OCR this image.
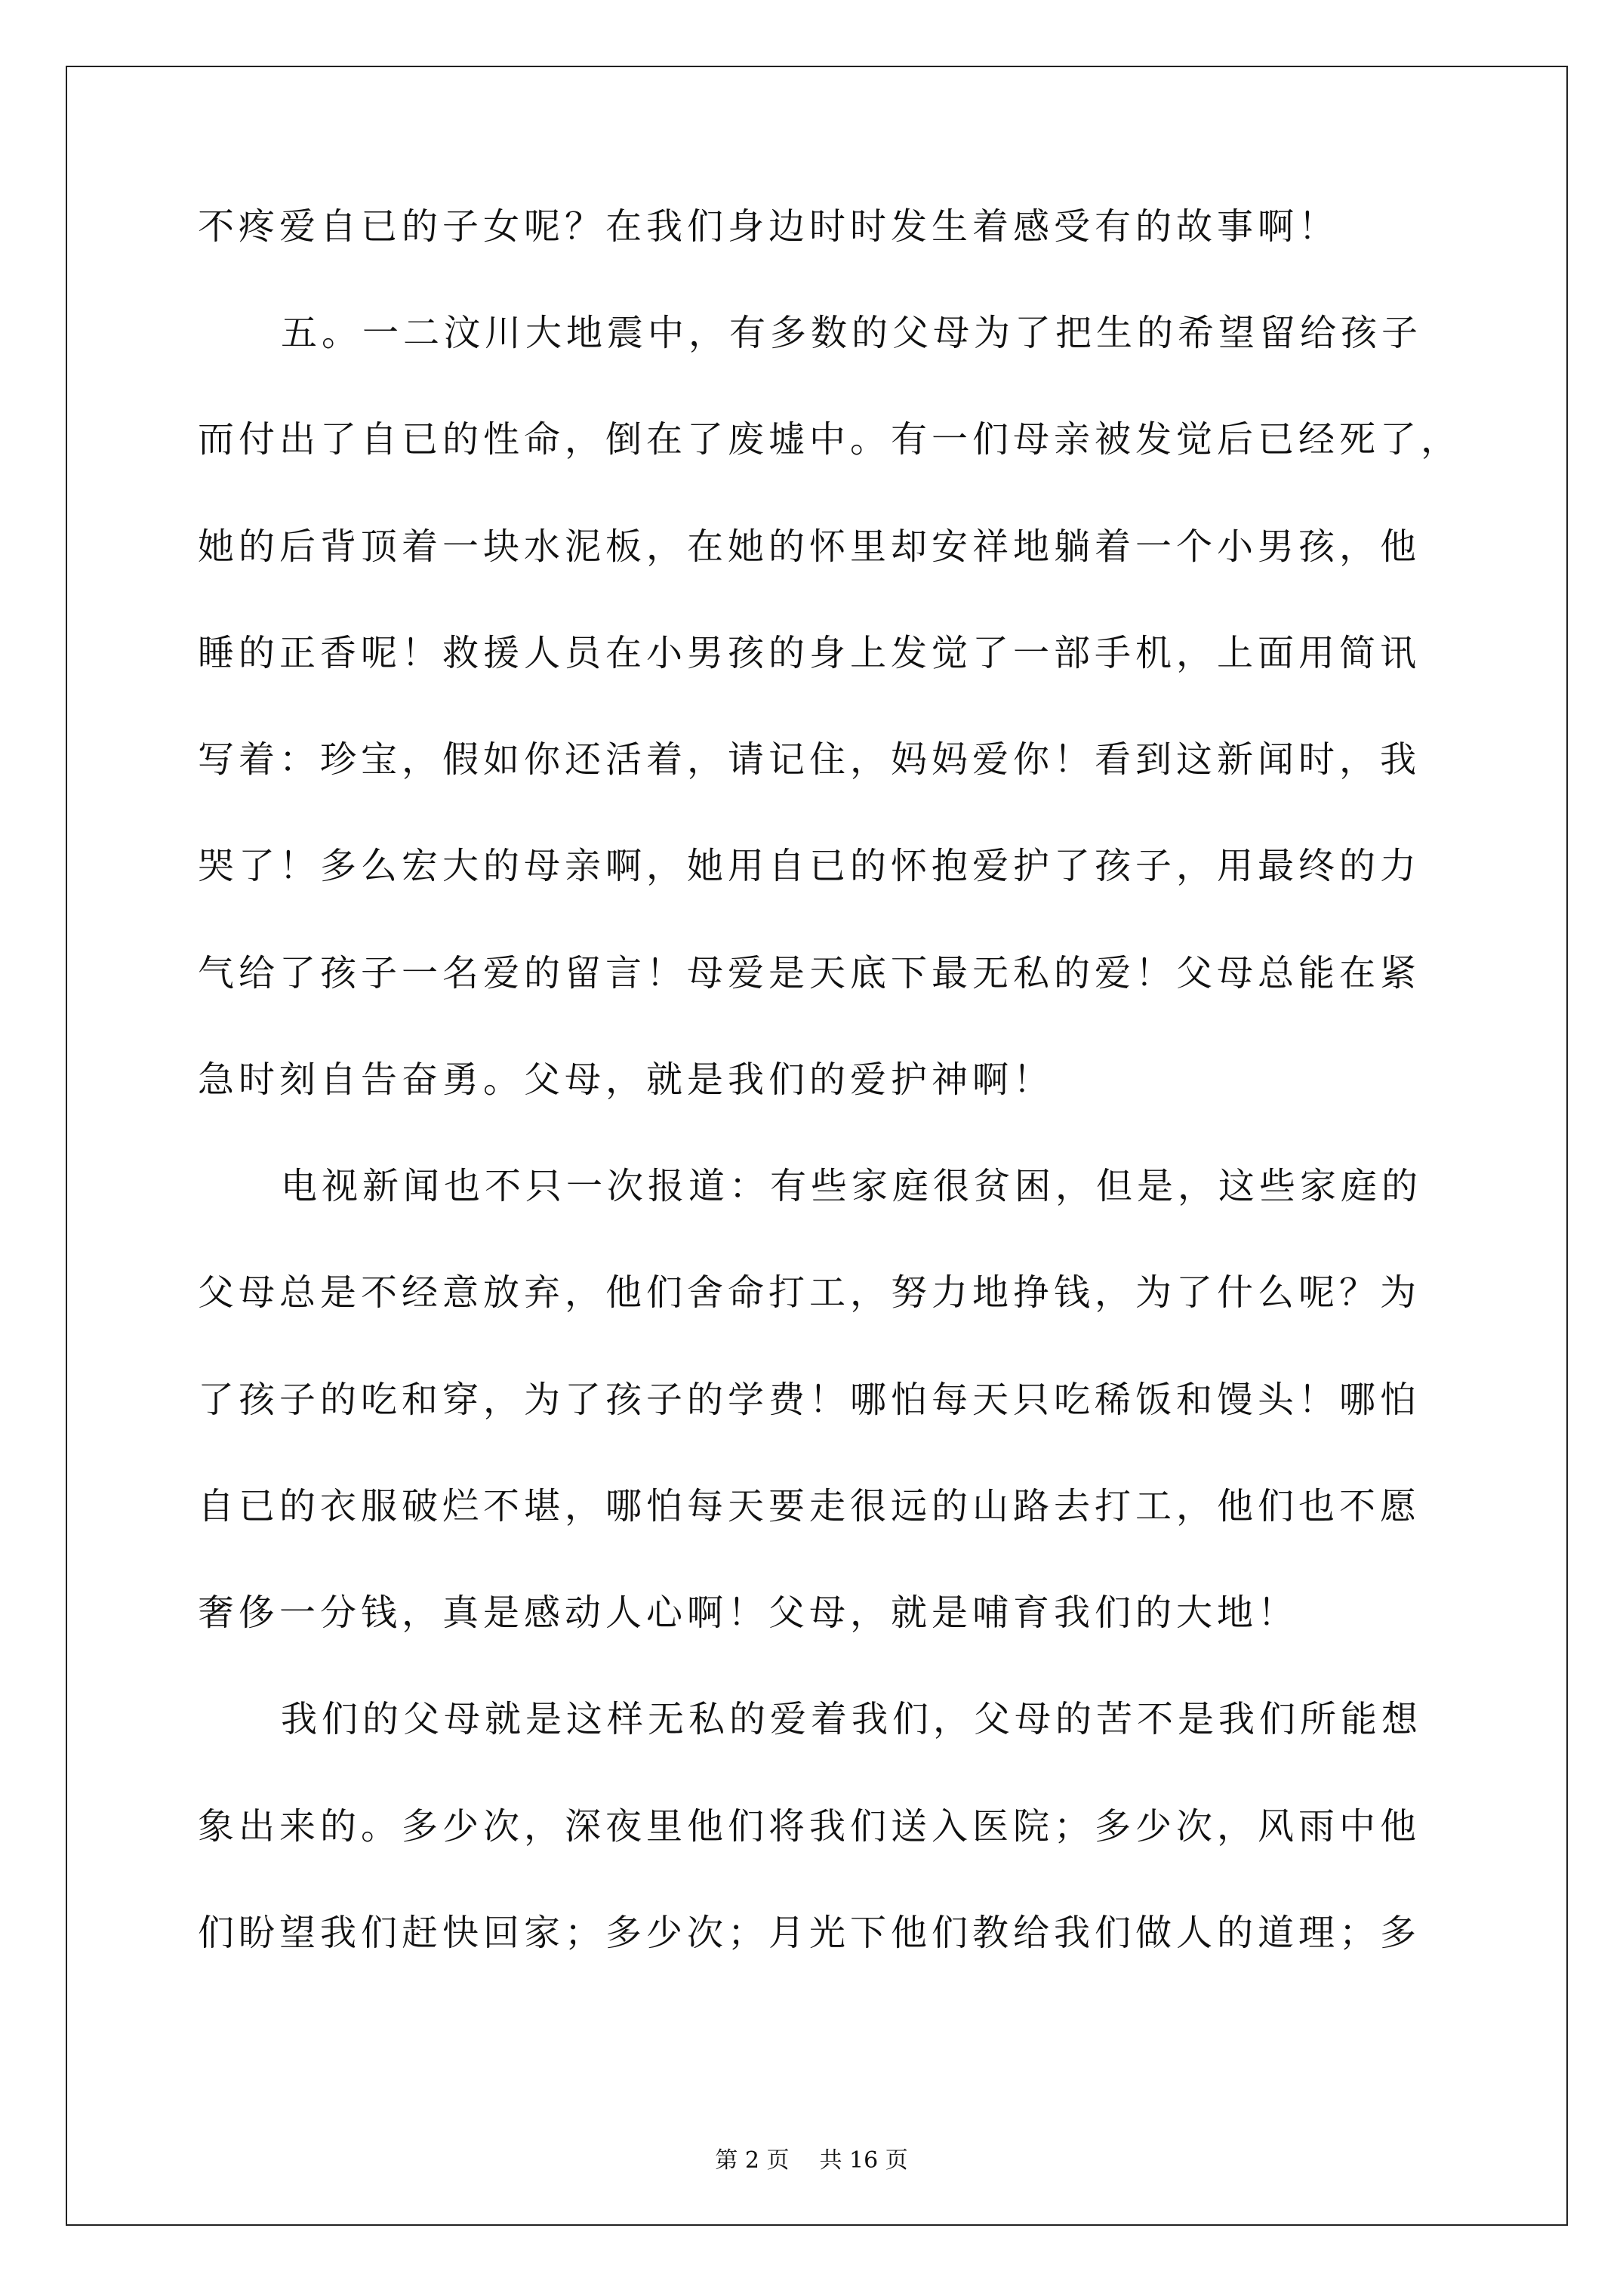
不疼爱自已的子女呢？在我们身边时时发生着感受有的故事啊！
五。一二汶川大地震中，有多数的父母为了把生的希望留给孩子
而付出了自已的性命，倒在了废墟中。有一们母亲被发觉后已经死了，
她的后背顶着一块水泥板，在她的怀里却安祥地躺着一个小男孩，他
睡的正香呢！救援人员在小男孩的身上发觉了一部手机，上面用简讯
写着：珍宝，假如你还活着，请记住，妈妈爱你！看到这新闻时，我
哭了！多么宏大的母亲啊，她用自已的怀抱爱护了孩子，用最终的力
气给了孩子一名爱的留言！母爱是天底下最无私的爱！父母总能在紧
急时刻自告奋勇。父母，就是我们的爱护神啊！
电视新闻也不只一次报道：有些家庭很贫困，但是，这些家庭的
父母总是不经意放弃，他们舍命打工，努力地挣钱，为了什么呢？为
了孩子的吃和穿，为了孩子的学费！哪怕每天只吃稀饭和馒头！哪怕
自已的衣服破烂不堪，哪怕每天要走很远的山路去打工，他们也不愿
奢侈一分钱，真是感动人心啊！父母，就是哺育我们的大地！
我们的父母就是这样无私的爱着我们，父母的苦不是我们所能想
象出来的。多少次，深夜里他们将我们送入医院；多少次，风雨中他
们盼望我们赶快回家；多少次；月光下他们教给我们做人的道理；多
第 2 页 共 16 页
